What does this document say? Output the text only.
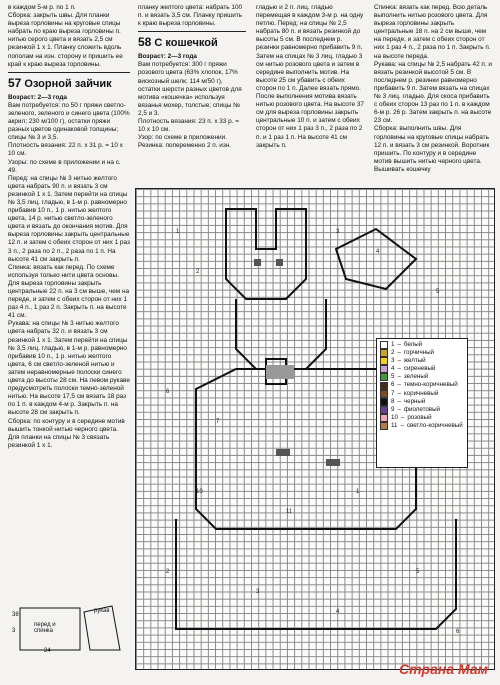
в каждом 5-м р. по 1 п.

Сборка: закрыть швы. Для планки выреза горловины на круговые спицы набрать по краю выреза горловины п. нитью серого цвета и вязать 2,5 см резинкой 1 х 1. Планку сложить вдоль пополам на изн. сторону и пришить ее край к краю выреза горловины.

57 Озорной зайчик

Возраст: 2—3 года

Вам потребуется: по 50 г пряжи светло-зеленого, зеленого и синего цвета (100% акрил; 230 м/100 г), остатки пряжи разных цветов одинаковой толщины; спицы № 3 и 3,5.

Плотность вязания: 22 п. х 31 р. = 10 х 10 см.

Узоры: по схеме в приложении и на с. 49.

Перед: на спицы № 3 нитью желтого цвета набрать 90 п. и вязать 3 см резинкой 1 х 1. Затем перейти на спицы № 3,5 лиц. гладью, в 1-м р. равномерно прибавив 10 п., 1 р. нитью желтого цвета, 14 р. нитью светло-зеленого цвета и вязать до окончания мотив. Для выреза горловины закрыть центральные 12 п. и затем с обеих сторон от них 1 раз 3 п., 2 раза по 2 п., 2 раза по 1 п. На высоте 41 см закрыть п.

Спинка: вязать как перед. По схеме используя только нити цвета основы. Для выреза горловины закрыть центральные 22 п. на 3 см выше, чем на переде, и затем с обеих сторон от них 1 раз 4 п., 1 раз 2 п. Закрыть п. на высоте 41 см.

Рукава: на спицы № 3 нитью желтого цвета набрать 32 п. и вязать 3 см резинкой 1 х 1. Затем перейти на спицы № 3,5 лиц. гладью, в 1-м р. равномерно прибавив 10 п., 1 р. нитью желтого цвета, 6 см светло-зеленой нитью и затем неравномерные полоски синего цвета до высоты 28 см. На левом рукаве предусмотреть полоски темно-зеленой нитью. На высоте 17,5 см вязать 18 раз по 1 п. в каждом 4-м р. Закрыть п. на высоте 28 см закрыть п.

Сборка: по контуру и в середине мотив вышить тонкой нитью черного цвета. Для планки на спицы № 3 связать резинкой 1 х 1.

планку желтого цвета: набрать 100 п. и вязать 3,5 см. Планку пришить к краю выреза горловины.

58 С кошечкой

Возраст: 2—3 года

Вам потребуется: 300 г пряжи розового цвета (63% хлопок, 17% вискозный шелк; 114 м/50 г), остатки шерсти разных цветов для мотива «кошечка» используя вязанья мохер, толстые; спицы № 2,5 и 3.

Плотность вязания: 23 п. х 33 р. = 10 х 10 см.

Узор: по схеме в приложении.

Резинка: попеременно 2 п. изн.

гладью и 2 п. лиц. гладью перемещая в каждом 3-м р. на одну петлю. Перед: на спицы № 2,5 набрать 80 п. и вязать резинкой до высоты 5 см. В последнем р. резинки равномерно прибавить 9 п. Затем на спицах № 3 лиц. гладью 3 см нитью розового цвета и затем в середине выполнить мотив. На высоте 25 см убавить с обеих сторон по 1 п. Далее вязать прямо. После выполнения мотива вязать нитью розового цвета. На высоте 37 см для выреза горловины закрыть центральные 10 п. и затем с обеих сторон от них 1 раз 3 п., 2 раза по 2 п. и 1 раз 1 п. На высоте 41 см закрыть п.

Спинка: вязать как перед. Всю деталь выполнить нитью розового цвета. Для выреза горловины закрыть центральные 18 п. на 2 см выше, чем на переде, и затем с обеих сторон от них 1 раз 4 п., 2 раза по 1 п. Закрыть п. на высоте переда.

Рукава: на спицы № 2,5 набрать 42 п. и вязать резинкой высотой 5 см. В последнем р. резинки равномерно прибавить 9 п. Затем вязать на спицах № 3 лиц. гладью. Для скоса прибавить с обеих сторон 13 раз по 1 п. в каждом 6-м р. 26 р. Затем закрыть п. на высоте 23 см.

Сборка: выполнить швы. Для горловины на круговые спицы набрать 12 п. и вязать 3 см резинкой. Воротник пришить. По контуру и в середине мотив вышить нитью черного цвета. Вышивать кошечку

1
2
3
4
5
6
7
10
11
1
2
3
4
5
6
1 – белый
2 – горчичный
3 – желтый
4 – сиреневый
5 – зеленый
6 – темно-коричневый
7 – коричневый
8 – черный
9 – фиолетовый
10 – розовый
11 – светло-коричневый
перед и спинка
рукав
38
3
24
Страна Мам
